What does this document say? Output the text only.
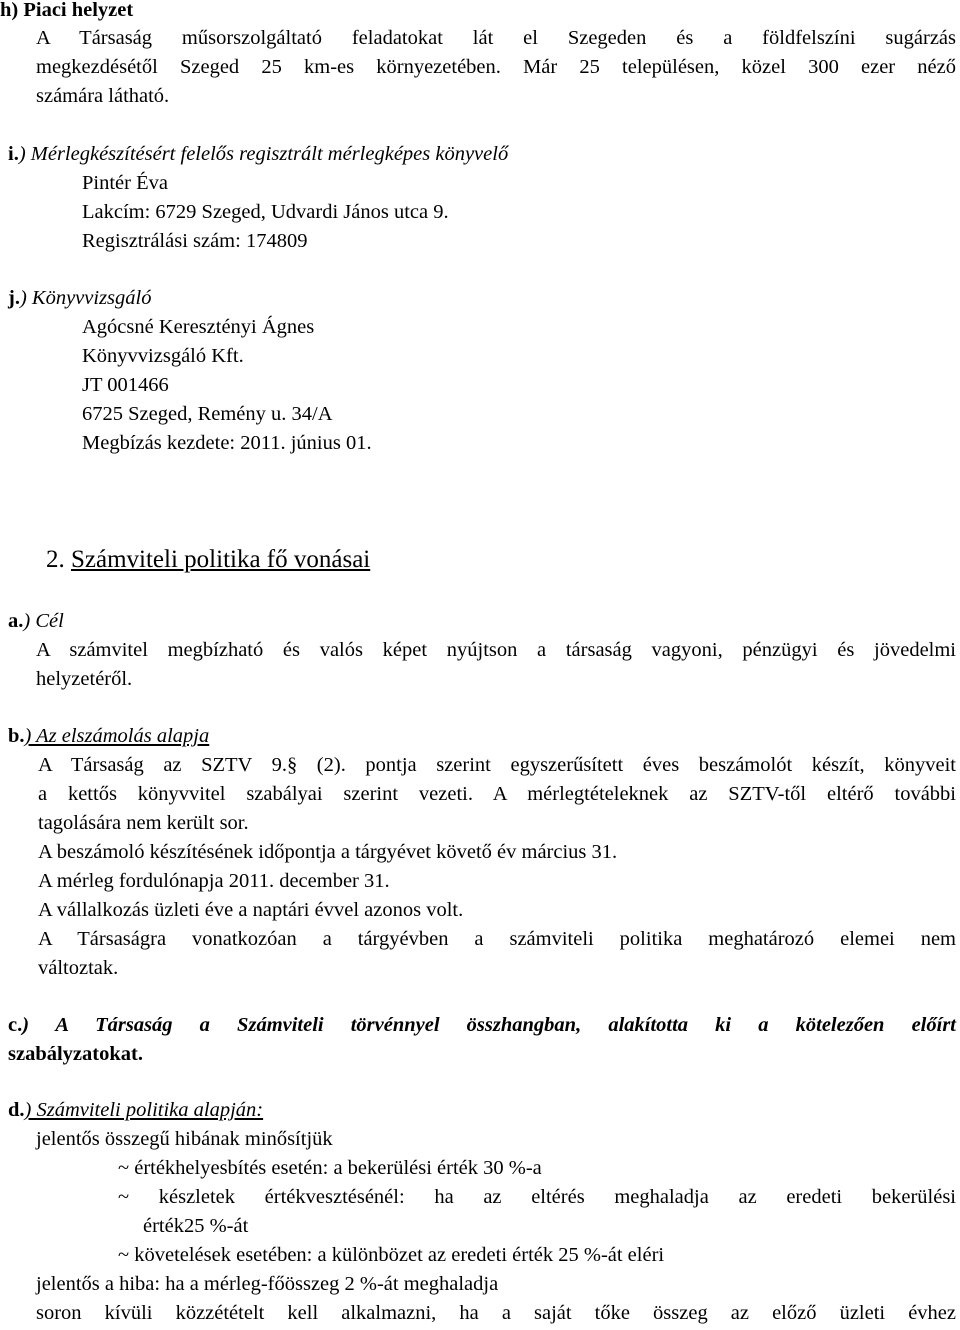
h) Piaci helyzet
A Társaság műsorszolgáltató feladatokat lát el Szegeden és a földfelszíni sugárzás
megkezdésétől Szeged 25 km-es környezetében. Már 25 településen, közel 300 ezer néző
számára látható.
i.) Mérlegkészítésért felelős regisztrált mérlegképes könyvelő
Pintér Éva
Lakcím: 6729 Szeged, Udvardi János utca 9.
Regisztrálási szám: 174809
j.) Könyvvizsgáló
Agócsné Keresztényi Ágnes
Könyvvizsgáló Kft.
JT 001466
6725 Szeged, Remény u. 34/A
Megbízás kezdete: 2011. június 01.
2. Számviteli politika fő vonásai
a.) Cél
A számvitel megbízható és valós képet nyújtson a társaság vagyoni, pénzügyi és jövedelmi
helyzetéről.
b.) Az elszámolás alapja
A Társaság az SZTV 9.§ (2). pontja szerint egyszerűsített éves beszámolót készít, könyveit
a kettős könyvvitel szabályai szerint vezeti. A mérlegtételeknek az SZTV-től eltérő további
tagolására nem került sor.
A beszámoló készítésének időpontja a tárgyévet követő év március 31.
A mérleg fordulónapja 2011. december 31.
A vállalkozás üzleti éve a naptári évvel azonos volt.
A Társaságra vonatkozóan a tárgyévben a számviteli politika meghatározó elemei nem
változtak.
c.) A Társaság a Számviteli törvénnyel összhangban, alakította ki a kötelezően előírt
szabályzatokat.
d.) Számviteli politika alapján:
jelentős összegű hibának minősítjük
~ értékhelyesbítés esetén: a bekerülési érték 30 %-a
~ készletek értékvesztésénél: ha az eltérés meghaladja az eredeti bekerülési
érték25 %-át
~ követelések esetében: a különbözet az eredeti érték 25 %-át eléri
jelentős a hiba: ha a mérleg-főösszeg 2 %-át meghaladja
soron kívüli közzétételt kell alkalmazni, ha a saját tőke összeg az előző üzleti évhez
